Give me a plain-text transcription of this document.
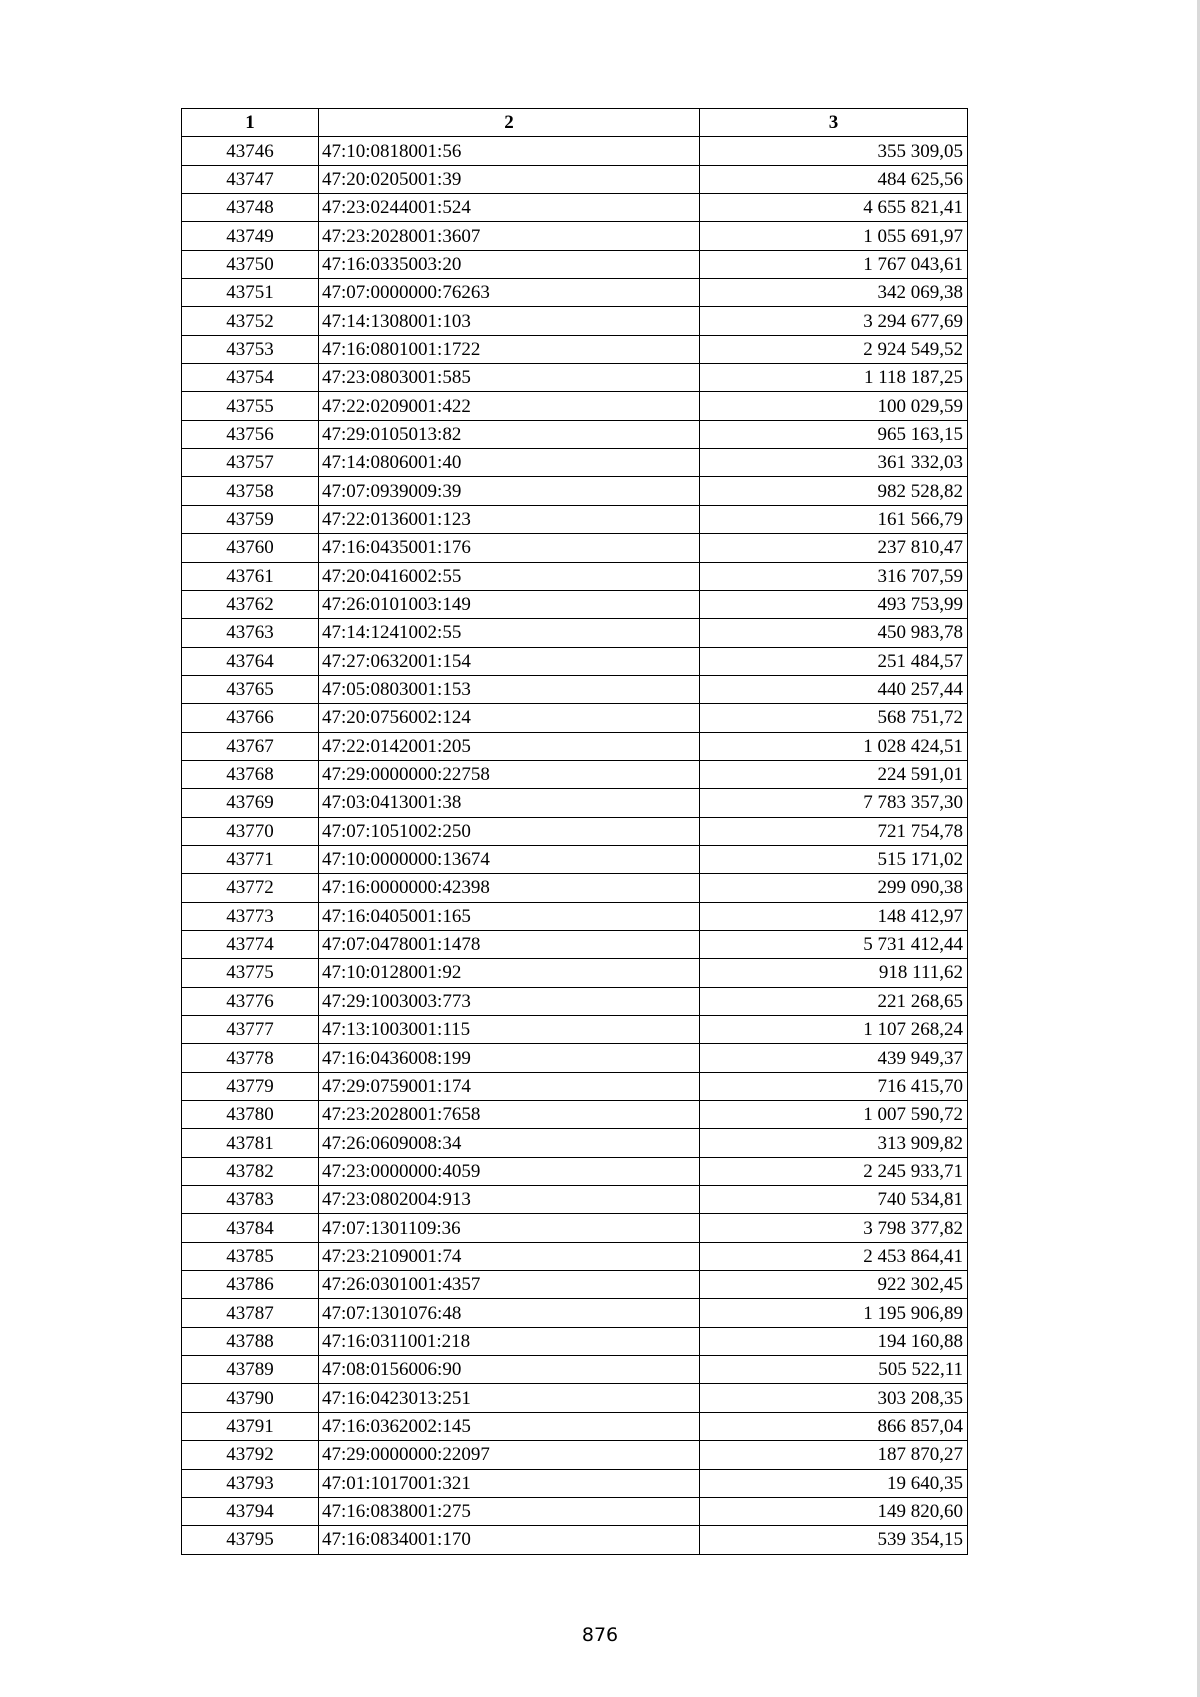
1	2	3
43746	47:10:0818001:56	355 309,05
43747	47:20:0205001:39	484 625,56
43748	47:23:0244001:524	4 655 821,41
43749	47:23:2028001:3607	1 055 691,97
43750	47:16:0335003:20	1 767 043,61
43751	47:07:0000000:76263	342 069,38
43752	47:14:1308001:103	3 294 677,69
43753	47:16:0801001:1722	2 924 549,52
43754	47:23:0803001:585	1 118 187,25
43755	47:22:0209001:422	100 029,59
43756	47:29:0105013:82	965 163,15
43757	47:14:0806001:40	361 332,03
43758	47:07:0939009:39	982 528,82
43759	47:22:0136001:123	161 566,79
43760	47:16:0435001:176	237 810,47
43761	47:20:0416002:55	316 707,59
43762	47:26:0101003:149	493 753,99
43763	47:14:1241002:55	450 983,78
43764	47:27:0632001:154	251 484,57
43765	47:05:0803001:153	440 257,44
43766	47:20:0756002:124	568 751,72
43767	47:22:0142001:205	1 028 424,51
43768	47:29:0000000:22758	224 591,01
43769	47:03:0413001:38	7 783 357,30
43770	47:07:1051002:250	721 754,78
43771	47:10:0000000:13674	515 171,02
43772	47:16:0000000:42398	299 090,38
43773	47:16:0405001:165	148 412,97
43774	47:07:0478001:1478	5 731 412,44
43775	47:10:0128001:92	918 111,62
43776	47:29:1003003:773	221 268,65
43777	47:13:1003001:115	1 107 268,24
43778	47:16:0436008:199	439 949,37
43779	47:29:0759001:174	716 415,70
43780	47:23:2028001:7658	1 007 590,72
43781	47:26:0609008:34	313 909,82
43782	47:23:0000000:4059	2 245 933,71
43783	47:23:0802004:913	740 534,81
43784	47:07:1301109:36	3 798 377,82
43785	47:23:2109001:74	2 453 864,41
43786	47:26:0301001:4357	922 302,45
43787	47:07:1301076:48	1 195 906,89
43788	47:16:0311001:218	194 160,88
43789	47:08:0156006:90	505 522,11
43790	47:16:0423013:251	303 208,35
43791	47:16:0362002:145	866 857,04
43792	47:29:0000000:22097	187 870,27
43793	47:01:1017001:321	19 640,35
43794	47:16:0838001:275	149 820,60
43795	47:16:0834001:170	539 354,15
876
